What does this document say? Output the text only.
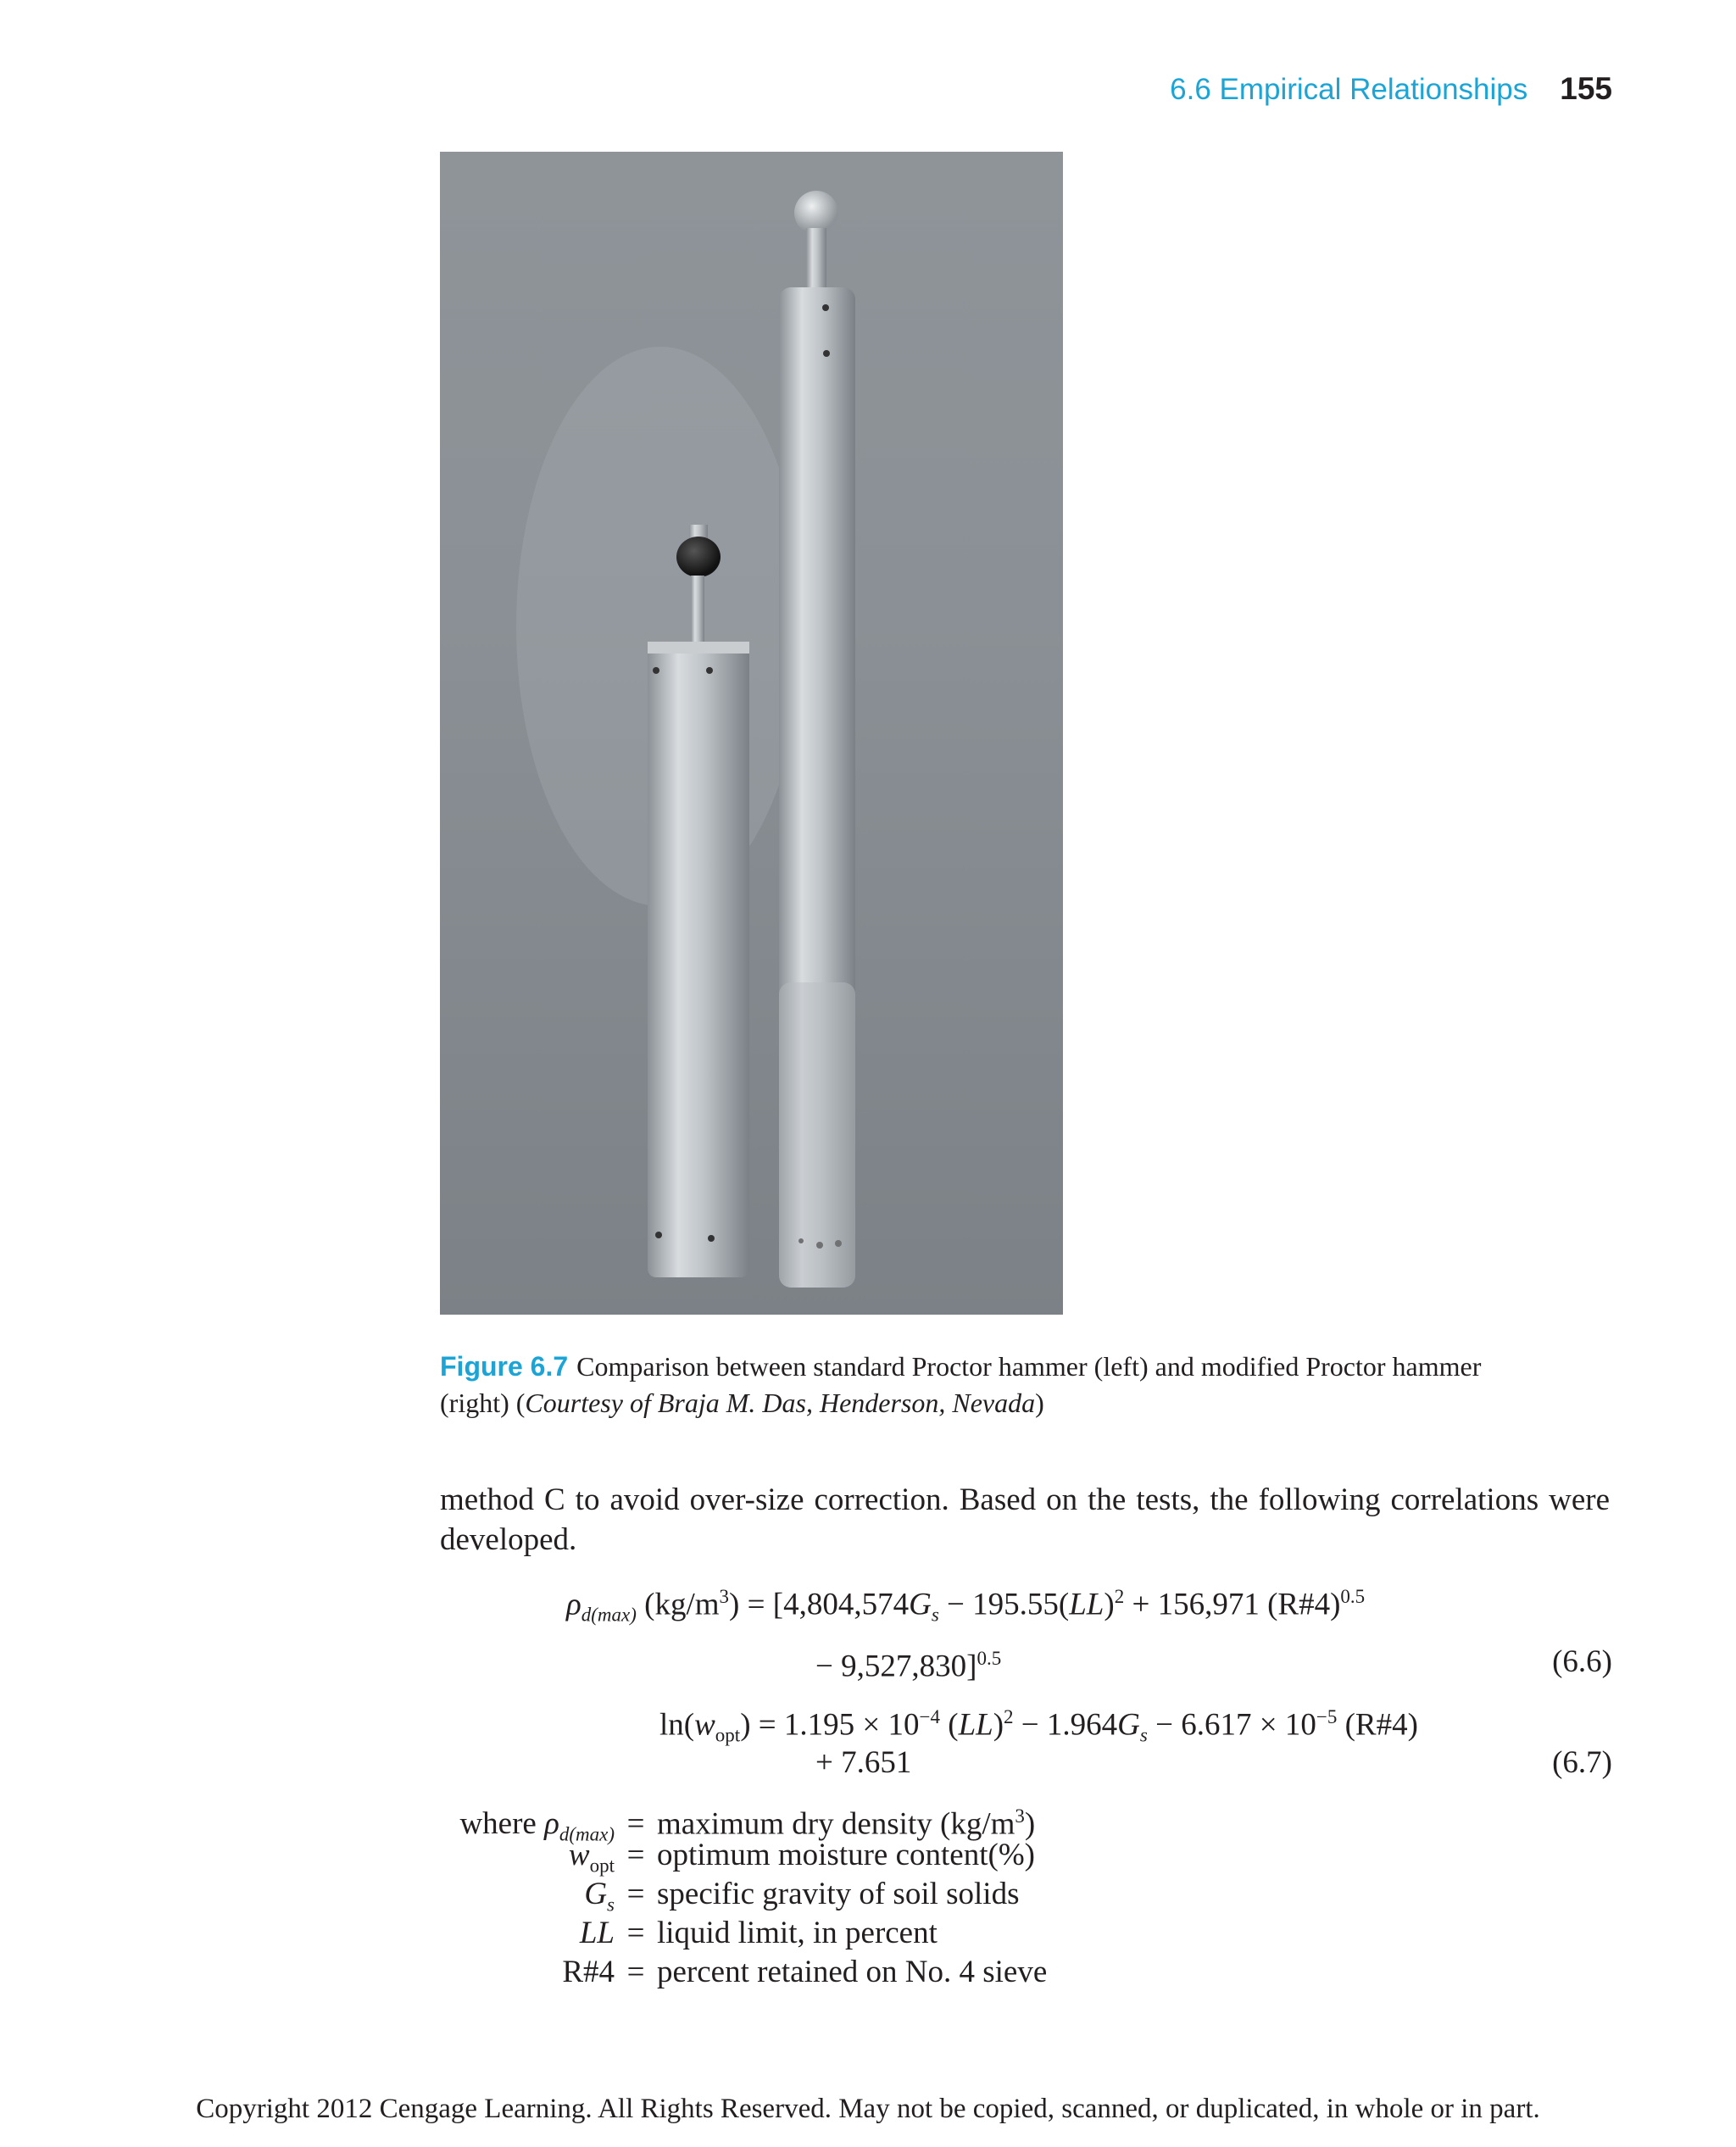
6.6 Empirical Relationships 155
Figure 6.7 Comparison between standard Proctor hammer (left) and modified Proctor hammer (right) (Courtesy of Braja M. Das, Henderson, Nevada)
method C to avoid over-size correction. Based on the tests, the following correlations were developed.
$\rho_{d(max)}$ $(kg/m^3) = [4,804,574G_s - 195.55(LL)^2 + 156,971$ (R#4)$^{0.5}$
− 9,527,830]$^{0.5}$	(6.6)
$\ln(w_{opt}) = 1.195 \times 10^{-4}$ $(LL)^2 - 1.964G_s - 6.617 \times 10^{-5}$ (R#4)
+ 7.651	(6.7)
where $\rho_{d(max)}$ = maximum dry density $(kg/m^3)$
$w_{opt}$ = optimum moisture content(%)
$G_s$ = specific gravity of soil solids
LL = liquid limit, in percent
R#4 = percent retained on No. 4 sieve
Copyright 2012 Cengage Learning. All Rights Reserved. May not be copied, scanned, or duplicated, in whole or in part.
